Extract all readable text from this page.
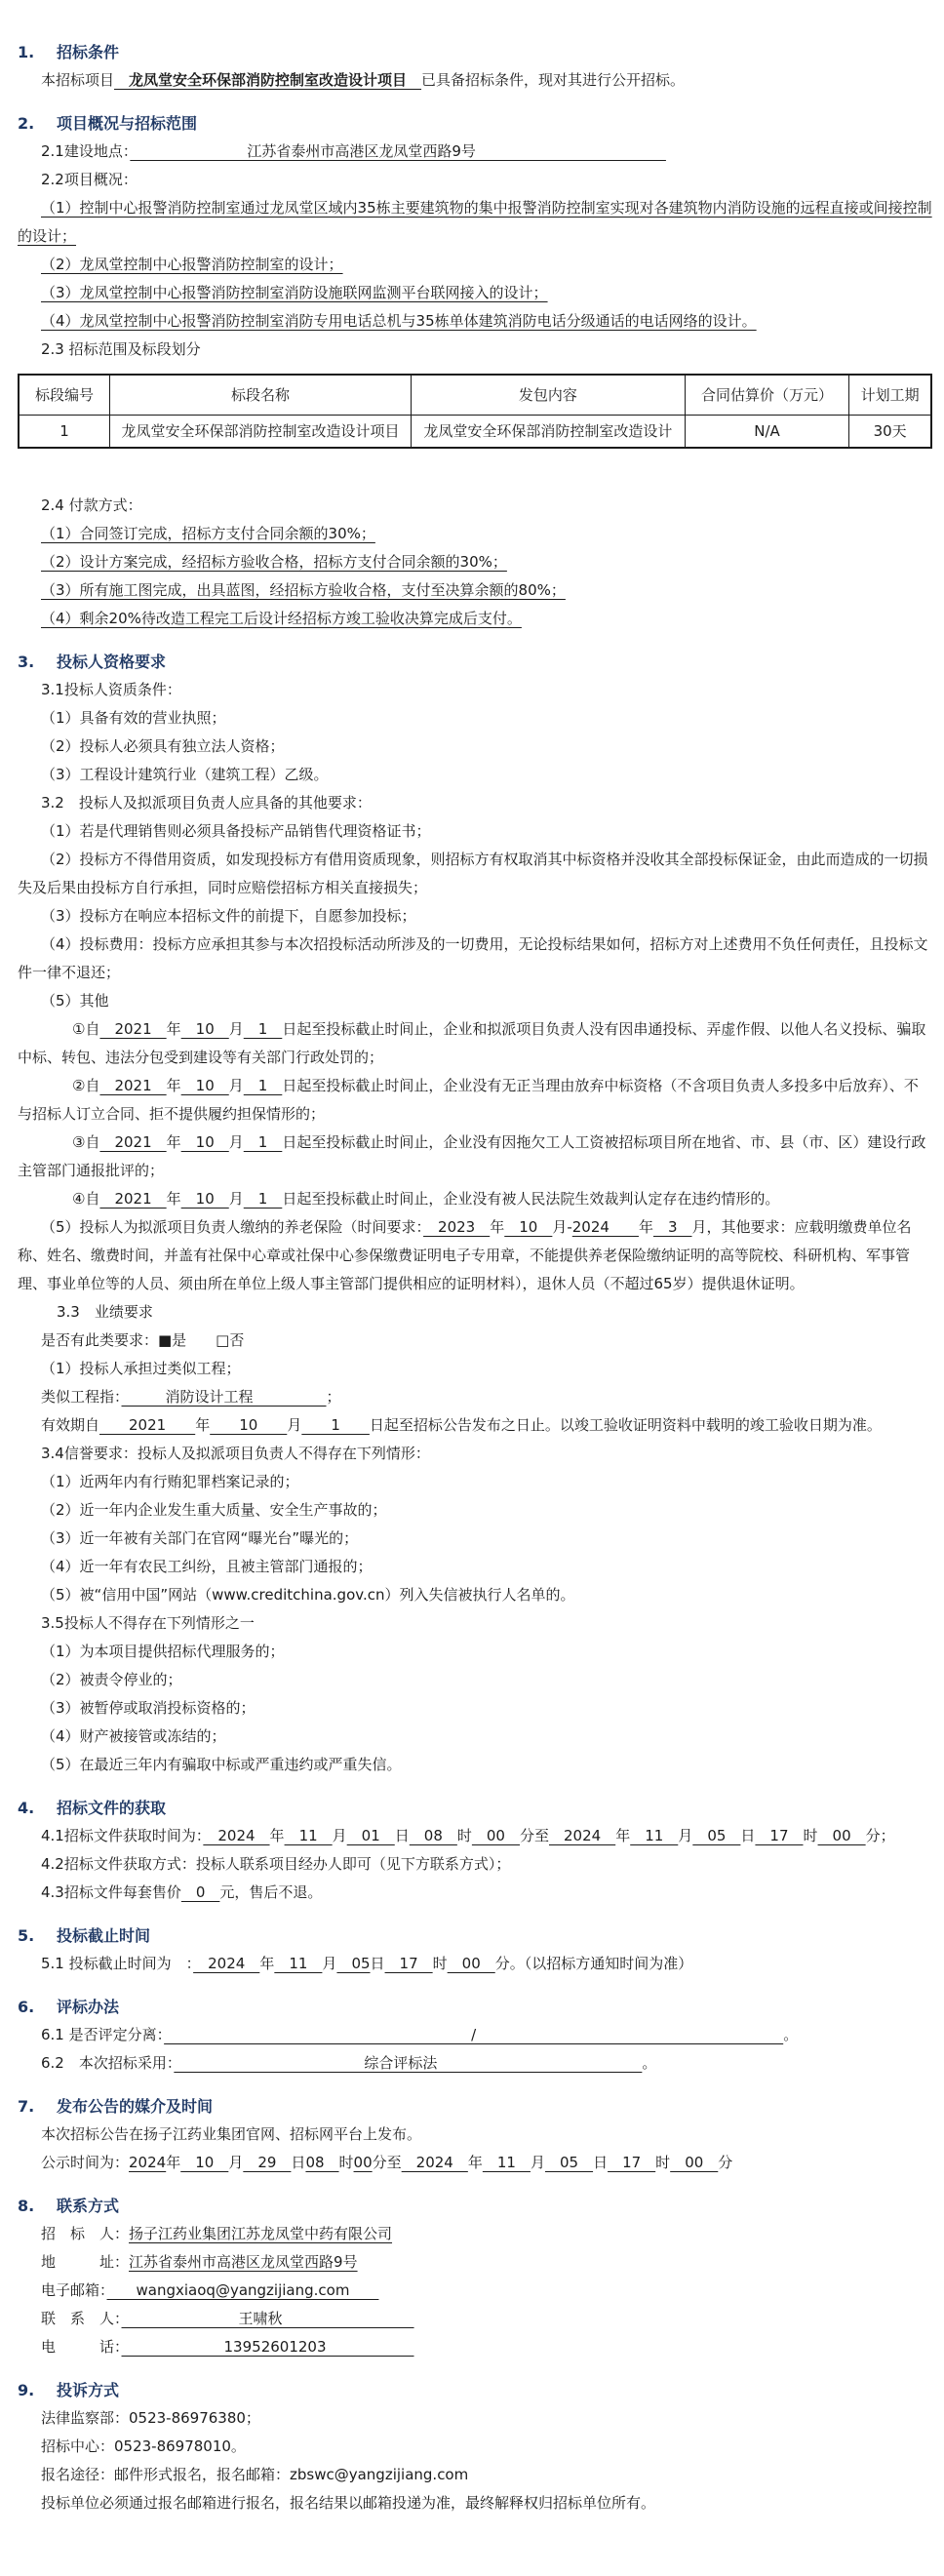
1.	招标条件

本招标项目　龙凤堂安全环保部消防控制室改造设计项目　已具备招标条件，现对其进行公开招标。

2.	项目概况与招标范围

2.1建设地点：　　　　　　　　江苏省泰州市高港区龙凤堂西路9号　　　　　　　　　　　　　

2.2项目概况：

（1）控制中心报警消防控制室通过龙凤堂区域内35栋主要建筑物的集中报警消防控制室实现对各建筑物内消防设施的远程直接或间接控制的设计；

（2）龙凤堂控制中心报警消防控制室的设计；

（3）龙凤堂控制中心报警消防控制室消防设施联网监测平台联网接入的设计；

（4）龙凤堂控制中心报警消防控制室消防专用电话总机与35栋单体建筑消防电话分级通话的电话网络的设计。

2.3 招标范围及标段划分

标段编号	标段名称	发包内容	合同估算价（万元）	计划工期
1	龙凤堂安全环保部消防控制室改造设计项目	龙凤堂安全环保部消防控制室改造设计	N/A	30天

2.4 付款方式：

（1）合同签订完成，招标方支付合同余额的30%；

（2）设计方案完成，经招标方验收合格，招标方支付合同余额的30%；

（3）所有施工图完成，出具蓝图，经招标方验收合格，支付至决算余额的80%；

（4）剩余20%待改造工程完工后设计经招标方竣工验收决算完成后支付。

3.	投标人资格要求

3.1投标人资质条件：

（1）具备有效的营业执照；

（2）投标人必须具有独立法人资格；

（3）工程设计建筑行业（建筑工程）乙级。

3.2　投标人及拟派项目负责人应具备的其他要求：

（1）若是代理销售则必须具备投标产品销售代理资格证书；

（2）投标方不得借用资质，如发现投标方有借用资质现象，则招标方有权取消其中标资格并没收其全部投标保证金，由此而造成的一切损失及后果由投标方自行承担，同时应赔偿招标方相关直接损失；

（3）投标方在响应本招标文件的前提下，自愿参加投标；

（4）投标费用：投标方应承担其参与本次招投标活动所涉及的一切费用，无论投标结果如何，招标方对上述费用不负任何责任，且投标文件一律不退还；

（5）其他

①自　2021　年　10　月　1　日起至投标截止时间止，企业和拟派项目负责人没有因串通投标、弄虚作假、以他人名义投标、骗取中标、转包、违法分包受到建设等有关部门行政处罚的；

②自　2021　年　10　月　1　日起至投标截止时间止，企业没有无正当理由放弃中标资格（不含项目负责人多投多中后放弃）、不与招标人订立合同、拒不提供履约担保情形的；

③自　2021　年　10　月　1　日起至投标截止时间止，企业没有因拖欠工人工资被招标项目所在地省、市、县（市、区）建设行政主管部门通报批评的；

④自　2021　年　10　月　1　日起至投标截止时间止，企业没有被人民法院生效裁判认定存在违约情形的。

（5）投标人为拟派项目负责人缴纳的养老保险（时间要求：　2023　年　10　月-2024　　年　3　月，其他要求：应载明缴费单位名称、姓名、缴费时间，并盖有社保中心章或社保中心参保缴费证明电子专用章，不能提供养老保险缴纳证明的高等院校、科研机构、军事管理、事业单位等的人员、须由所在单位上级人事主管部门提供相应的证明材料），退休人员（不超过65岁）提供退休证明。

3.3　业绩要求

是否有此类要求：■是　　□否

（1）投标人承担过类似工程；

类似工程指：　　　消防设计工程　　　　　；

有效期自　　2021　　年　　10　　月　　1　　日起至招标公告发布之日止。以竣工验收证明资料中载明的竣工验收日期为准。

3.4信誉要求：投标人及拟派项目负责人不得存在下列情形：

（1）近两年内有行贿犯罪档案记录的；

（2）近一年内企业发生重大质量、安全生产事故的；

（3）近一年被有关部门在官网“曝光台”曝光的；

（4）近一年有农民工纠纷，且被主管部门通报的；

（5）被“信用中国”网站（www.creditchina.gov.cn）列入失信被执行人名单的。

3.5投标人不得存在下列情形之一

（1）为本项目提供招标代理服务的；

（2）被责令停业的；

（3）被暂停或取消投标资格的；

（4）财产被接管或冻结的；

（5）在最近三年内有骗取中标或严重违约或严重失信。

4.	招标文件的获取

4.1招标文件获取时间为：　2024　年　11　月　01　日　08　时　00　分至　2024　年　11　月　05　日　17　时　00　分；

4.2招标文件获取方式：投标人联系项目经办人即可（见下方联系方式）；

4.3招标文件每套售价　0　元，售后不退。

5.	投标截止时间

5.1 投标截止时间为　：　2024　年　11　月　05日　17　时　00　分。（以招标方通知时间为准）

6.	评标办法

6.1 是否评定分离：　　　　　　　　　　　　　　　　　　　　　/　　　　　　　　　　　　　　　　　　　　　。

6.2　本次招标采用：　　　　　　　　　　　　　综合评标法　　　　　　　　　　　　　　。

7.	发布公告的媒介及时间

本次招标公告在扬子江药业集团官网、招标网平台上发布。

公示时间为：2024年　10　月　29　日08　时00分至　2024　年　11　月　05　日　17　时　00　分

8.	联系方式

招　标　人：扬子江药业集团江苏龙凤堂中药有限公司

地　　　址：江苏省泰州市高港区龙凤堂西路9号

电子邮箱：　　wangxiaoq@yangzijiang.com　　

联　系　人：　　　　　　　　王啸秋　　　　　　　　　

电　　　话：　　　　　　　13952601203　　　　　　

9.	投诉方式

法律监察部：0523-86976380；

招标中心：0523-86978010。

报名途径：邮件形式报名，报名邮箱：zbswc@yangzijiang.com

投标单位必须通过报名邮箱进行报名，报名结果以邮箱投递为准，最终解释权归招标单位所有。
